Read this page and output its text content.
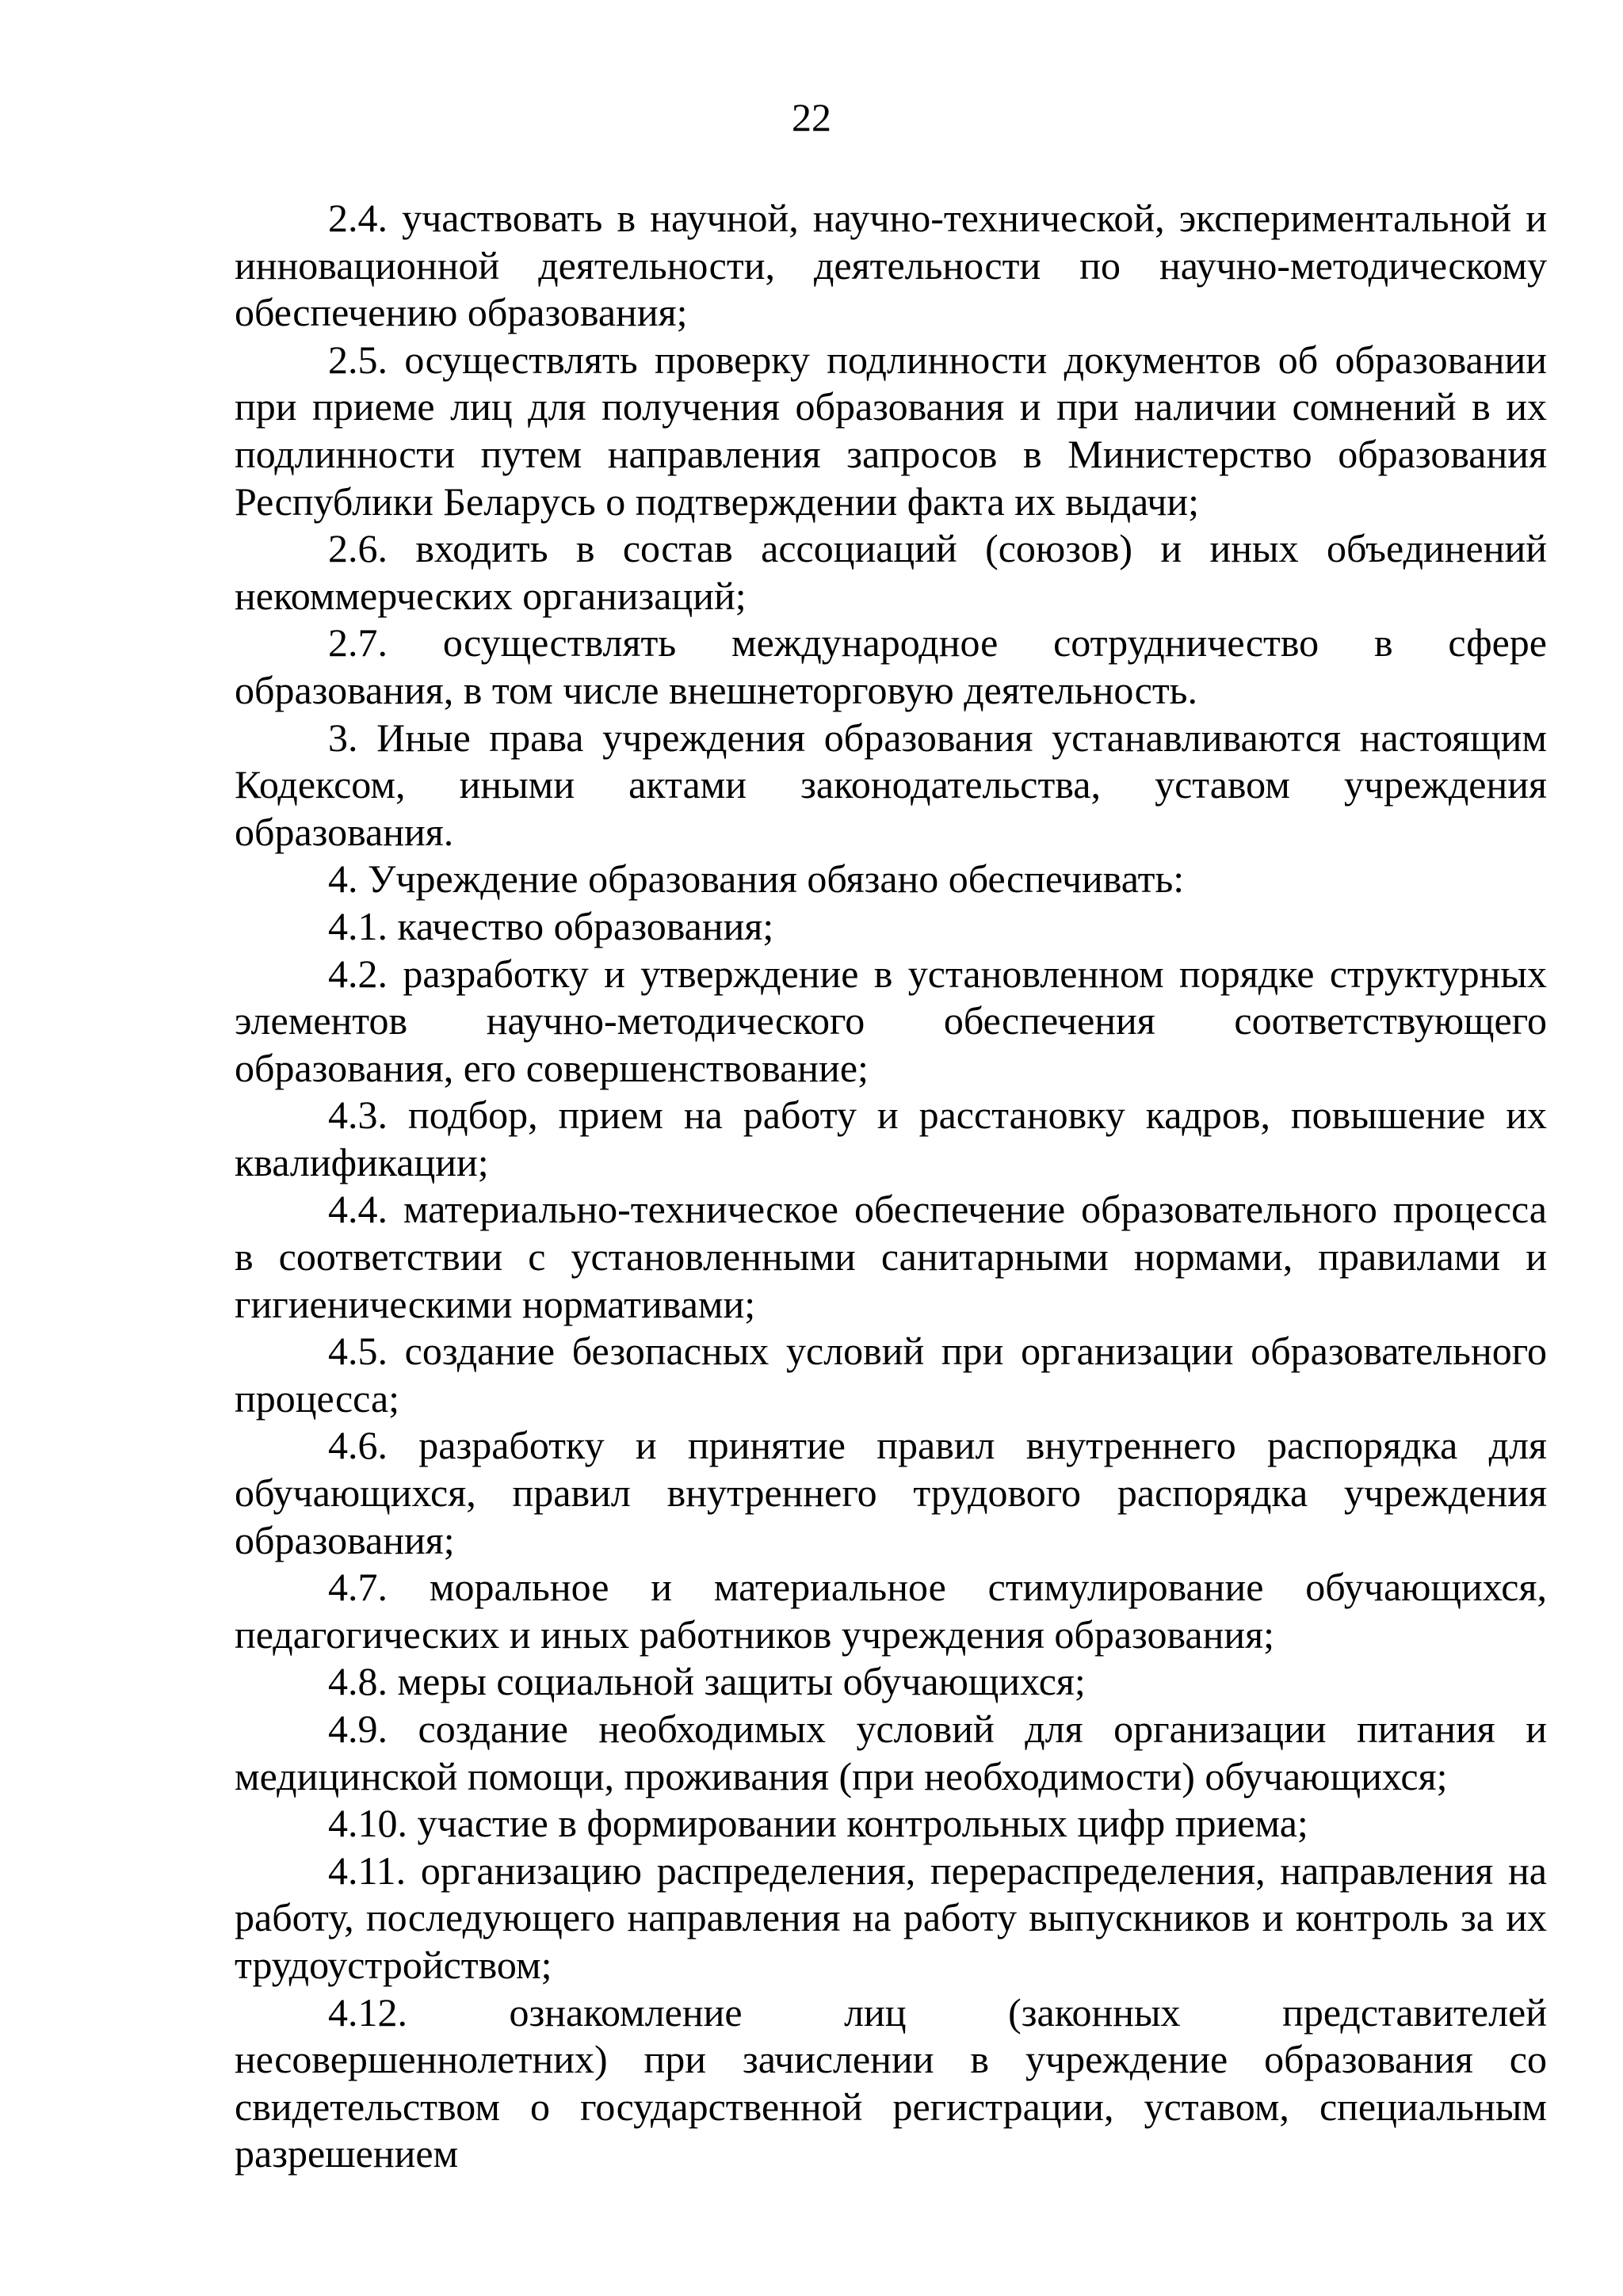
22

2.4. участвовать в научной, научно-технической, экспериментальной и инновационной деятельности, деятельности по научно-методическому обеспечению образования;

2.5. осуществлять проверку подлинности документов об образовании при приеме лиц для получения образования и при наличии сомнений в их подлинности путем направления запросов в Министерство образования Республики Беларусь о подтверждении факта их выдачи;

2.6. входить в состав ассоциаций (союзов) и иных объединений некоммерческих организаций;

2.7. осуществлять международное сотрудничество в сфере образования, в том числе внешнеторговую деятельность.

3. Иные права учреждения образования устанавливаются настоящим Кодексом, иными актами законодательства, уставом учреждения образования.

4. Учреждение образования обязано обеспечивать:

4.1. качество образования;

4.2. разработку и утверждение в установленном порядке структурных элементов научно-методического обеспечения соответствующего образования, его совершенствование;

4.3. подбор, прием на работу и расстановку кадров, повышение их квалификации;

4.4. материально-техническое обеспечение образовательного процесса в соответствии с установленными санитарными нормами, правилами и гигиеническими нормативами;

4.5. создание безопасных условий при организации образовательного процесса;

4.6. разработку и принятие правил внутреннего распорядка для обучающихся, правил внутреннего трудового распорядка учреждения образования;

4.7. моральное и материальное стимулирование обучающихся, педагогических и иных работников учреждения образования;

4.8. меры социальной защиты обучающихся;

4.9. создание необходимых условий для организации питания и медицинской помощи, проживания (при необходимости) обучающихся;

4.10. участие в формировании контрольных цифр приема;

4.11. организацию распределения, перераспределения, направления на работу, последующего направления на работу выпускников и контроль за их трудоустройством;

4.12. ознакомление лиц (законных представителей несовершеннолетних) при зачислении в учреждение образования со свидетельством о государственной регистрации, уставом, специальным разрешением
